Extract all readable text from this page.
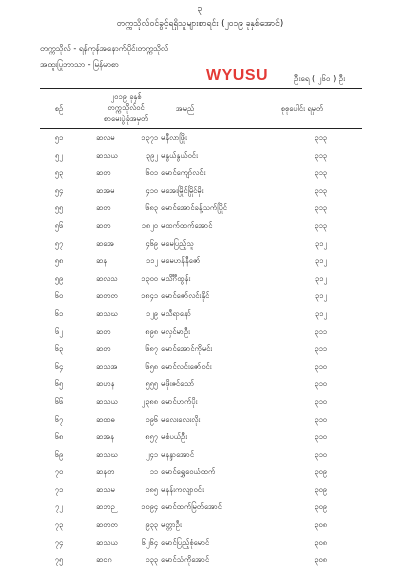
၃
တက္ကသိုလ်ဝင်ခွင့်ရရှိသူများစာရင်း (၂၀၁၉ ခုနှစ်အောင်)
တက္ကသိုလ် - ရန်ကုန်အနောက်ပိုင်းတက္ကသိုလ်
အထူးပြုဘာသာ - မြန်မာစာ
WYUSU	ဦးရေ ( ၂၆၀ ) ဦး
စဉ်
၂၀၁၉ ခုနှစ်
တက္ကသိုလ်ဝင်
စာမေးပွဲခုံအမှတ်
အမည်	စုစုပေါင်း ရမှတ်
၅၁	ဆလမ	၁၃၇၁ မနီလာဖြိုး	၃၁၃
၅၂	ဆသယ	၃၉၂ မနွယ်နွယ်ဝင်း	၃၁၃
၅၃	ဆတ	၆၀၁ မောင်ကျော်လင်း	၃၁၃
၅၄	ဆအမ	၄၁၀ မအေးမြိုင်မြိုင်မိုး	၃၁၃
၅၅	ဆတ	၆၈၃ မောင်အောင်ခန့်သက်ပြိုင်	၃၁၃
၅၆	ဆတ	၁၈၂၀ မထက်ထက်အောင်	၃၁၃
၅၇	ဆအေ	၄၆၉ မမေပြည့်သူ	၃၁၂
၅၈	ဆန	၁၁၂ မမေဟန်နီဇော်	၃၁၂
၅၉	ဆလသ	၁၃၀၀ မသိင်္ဂီထွန်း	၃၁၂
၆၀	ဆတတ	၁၈၄၁ မောင်ဇော်လင်းနိုင်	၃၁၂
၆၁	ဆသဃ	၁၂၉ မသီရာနော်	၃၁၂
၆၂	ဆတ	၈၉၈ မလှင်မာဦး	၃၁၁
၆၃	ဆတ	၆၈၇ မောင်အောင်ကိုမင်း	၃၁၁
၆၄	ဆသအ	၆၅၈ မောင်လင်းဇော်ဝင်း	၃၁၀
၆၅	ဆဟန	၅၅၅ မဖိုးဇင်သော်	၃၁၀
၆၆	ဆသယ	၂၃၈၈ မောင်ဟက်ပိုး	၃၁၀
၆၇	ဆထဓ	၁၉၆ မလေးလေးလိုး	၃၁၀
၆၈	ဆအန	၈၅၇ မစံပယ်ဦး	၃၁၀
၆၉	ဆသဃ	၂၄၁ မနန္ဒာအောင်	၃၁၀
၇၀	ဆနတ	၁၁ မောင်ရွှေဝေယံထက်	၃၀၉
၇၁	ဆသမ	၁၈၅ မနန်းကလျာဝင်း	၃၀၉
၇၂	ဆဘဉ	၁၀၉၄ မောင်ထက်မြတ်အောင်	၃၀၉
၇၃	ဆတတ	၉၃၃ မတ္တာဦး	၃၀၈
၇၄	ဆသယ	၆၂၆၄ မောင်ပြည့်စုံမောင်	၃၀၈
၇၅	ဆငဂ	၁၃၃ မောင်သံကိုအောင်	၃၀၈
